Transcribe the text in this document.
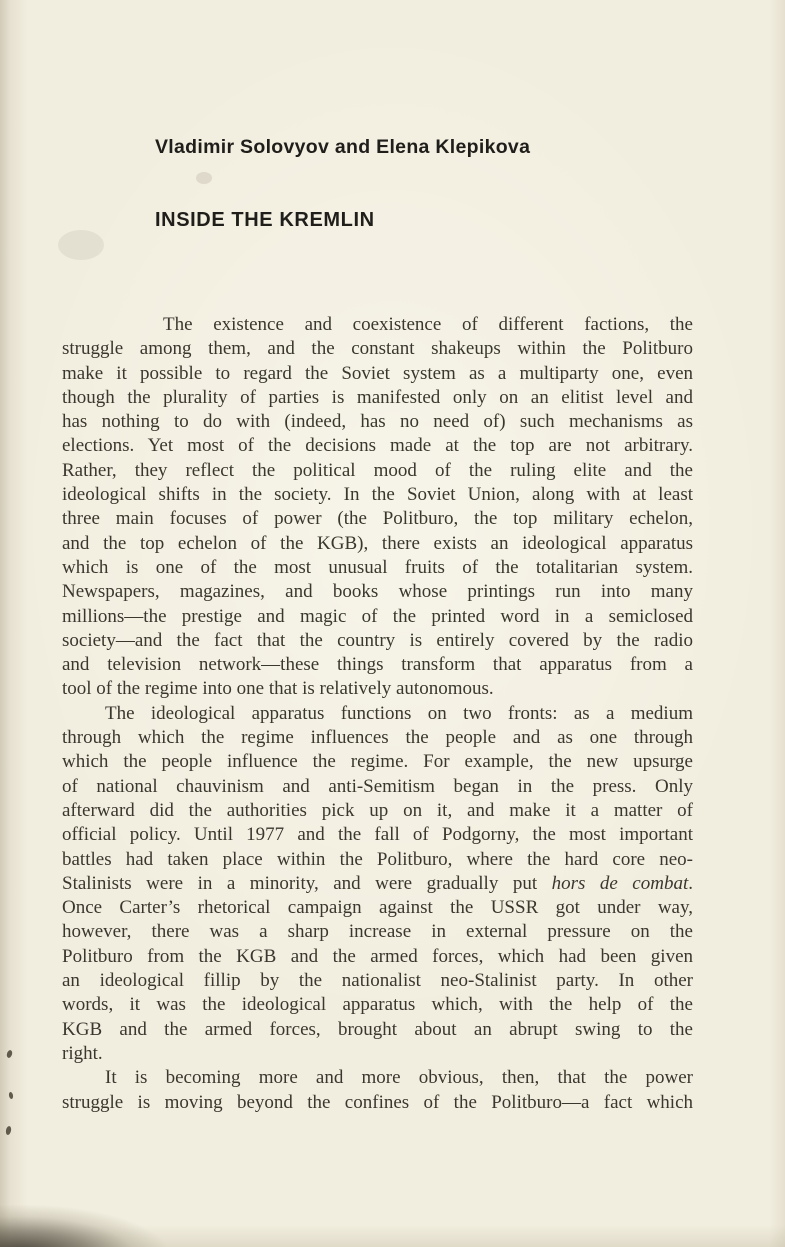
Vladimir Solovyov and Elena Klepikova
INSIDE THE KREMLIN
The existence and coexistence of different factions, the
struggle among them, and the constant shakeups within the Politburo
make it possible to regard the Soviet system as a multiparty one, even
though the plurality of parties is manifested only on an elitist level and
has nothing to do with (indeed, has no need of) such mechanisms as
elections. Yet most of the decisions made at the top are not arbitrary.
Rather, they reflect the political mood of the ruling elite and the
ideological shifts in the society. In the Soviet Union, along with at least
three main focuses of power (the Politburo, the top military echelon,
and the top echelon of the KGB), there exists an ideological apparatus
which is one of the most unusual fruits of the totalitarian system.
Newspapers, magazines, and books whose printings run into many
millions—the prestige and magic of the printed word in a semiclosed
society—and the fact that the country is entirely covered by the radio
and television network—these things transform that apparatus from a
tool of the regime into one that is relatively autonomous.
The ideological apparatus functions on two fronts: as a medium
through which the regime influences the people and as one through
which the people influence the regime. For example, the new upsurge
of national chauvinism and anti-Semitism began in the press. Only
afterward did the authorities pick up on it, and make it a matter of
official policy. Until 1977 and the fall of Podgorny, the most important
battles had taken place within the Politburo, where the hard core neo-
Stalinists were in a minority, and were gradually put hors de combat.
Once Carter’s rhetorical campaign against the USSR got under way,
however, there was a sharp increase in external pressure on the
Politburo from the KGB and the armed forces, which had been given
an ideological fillip by the nationalist neo-Stalinist party. In other
words, it was the ideological apparatus which, with the help of the
KGB and the armed forces, brought about an abrupt swing to the
right.
It is becoming more and more obvious, then, that the power
struggle is moving beyond the confines of the Politburo—a fact which
